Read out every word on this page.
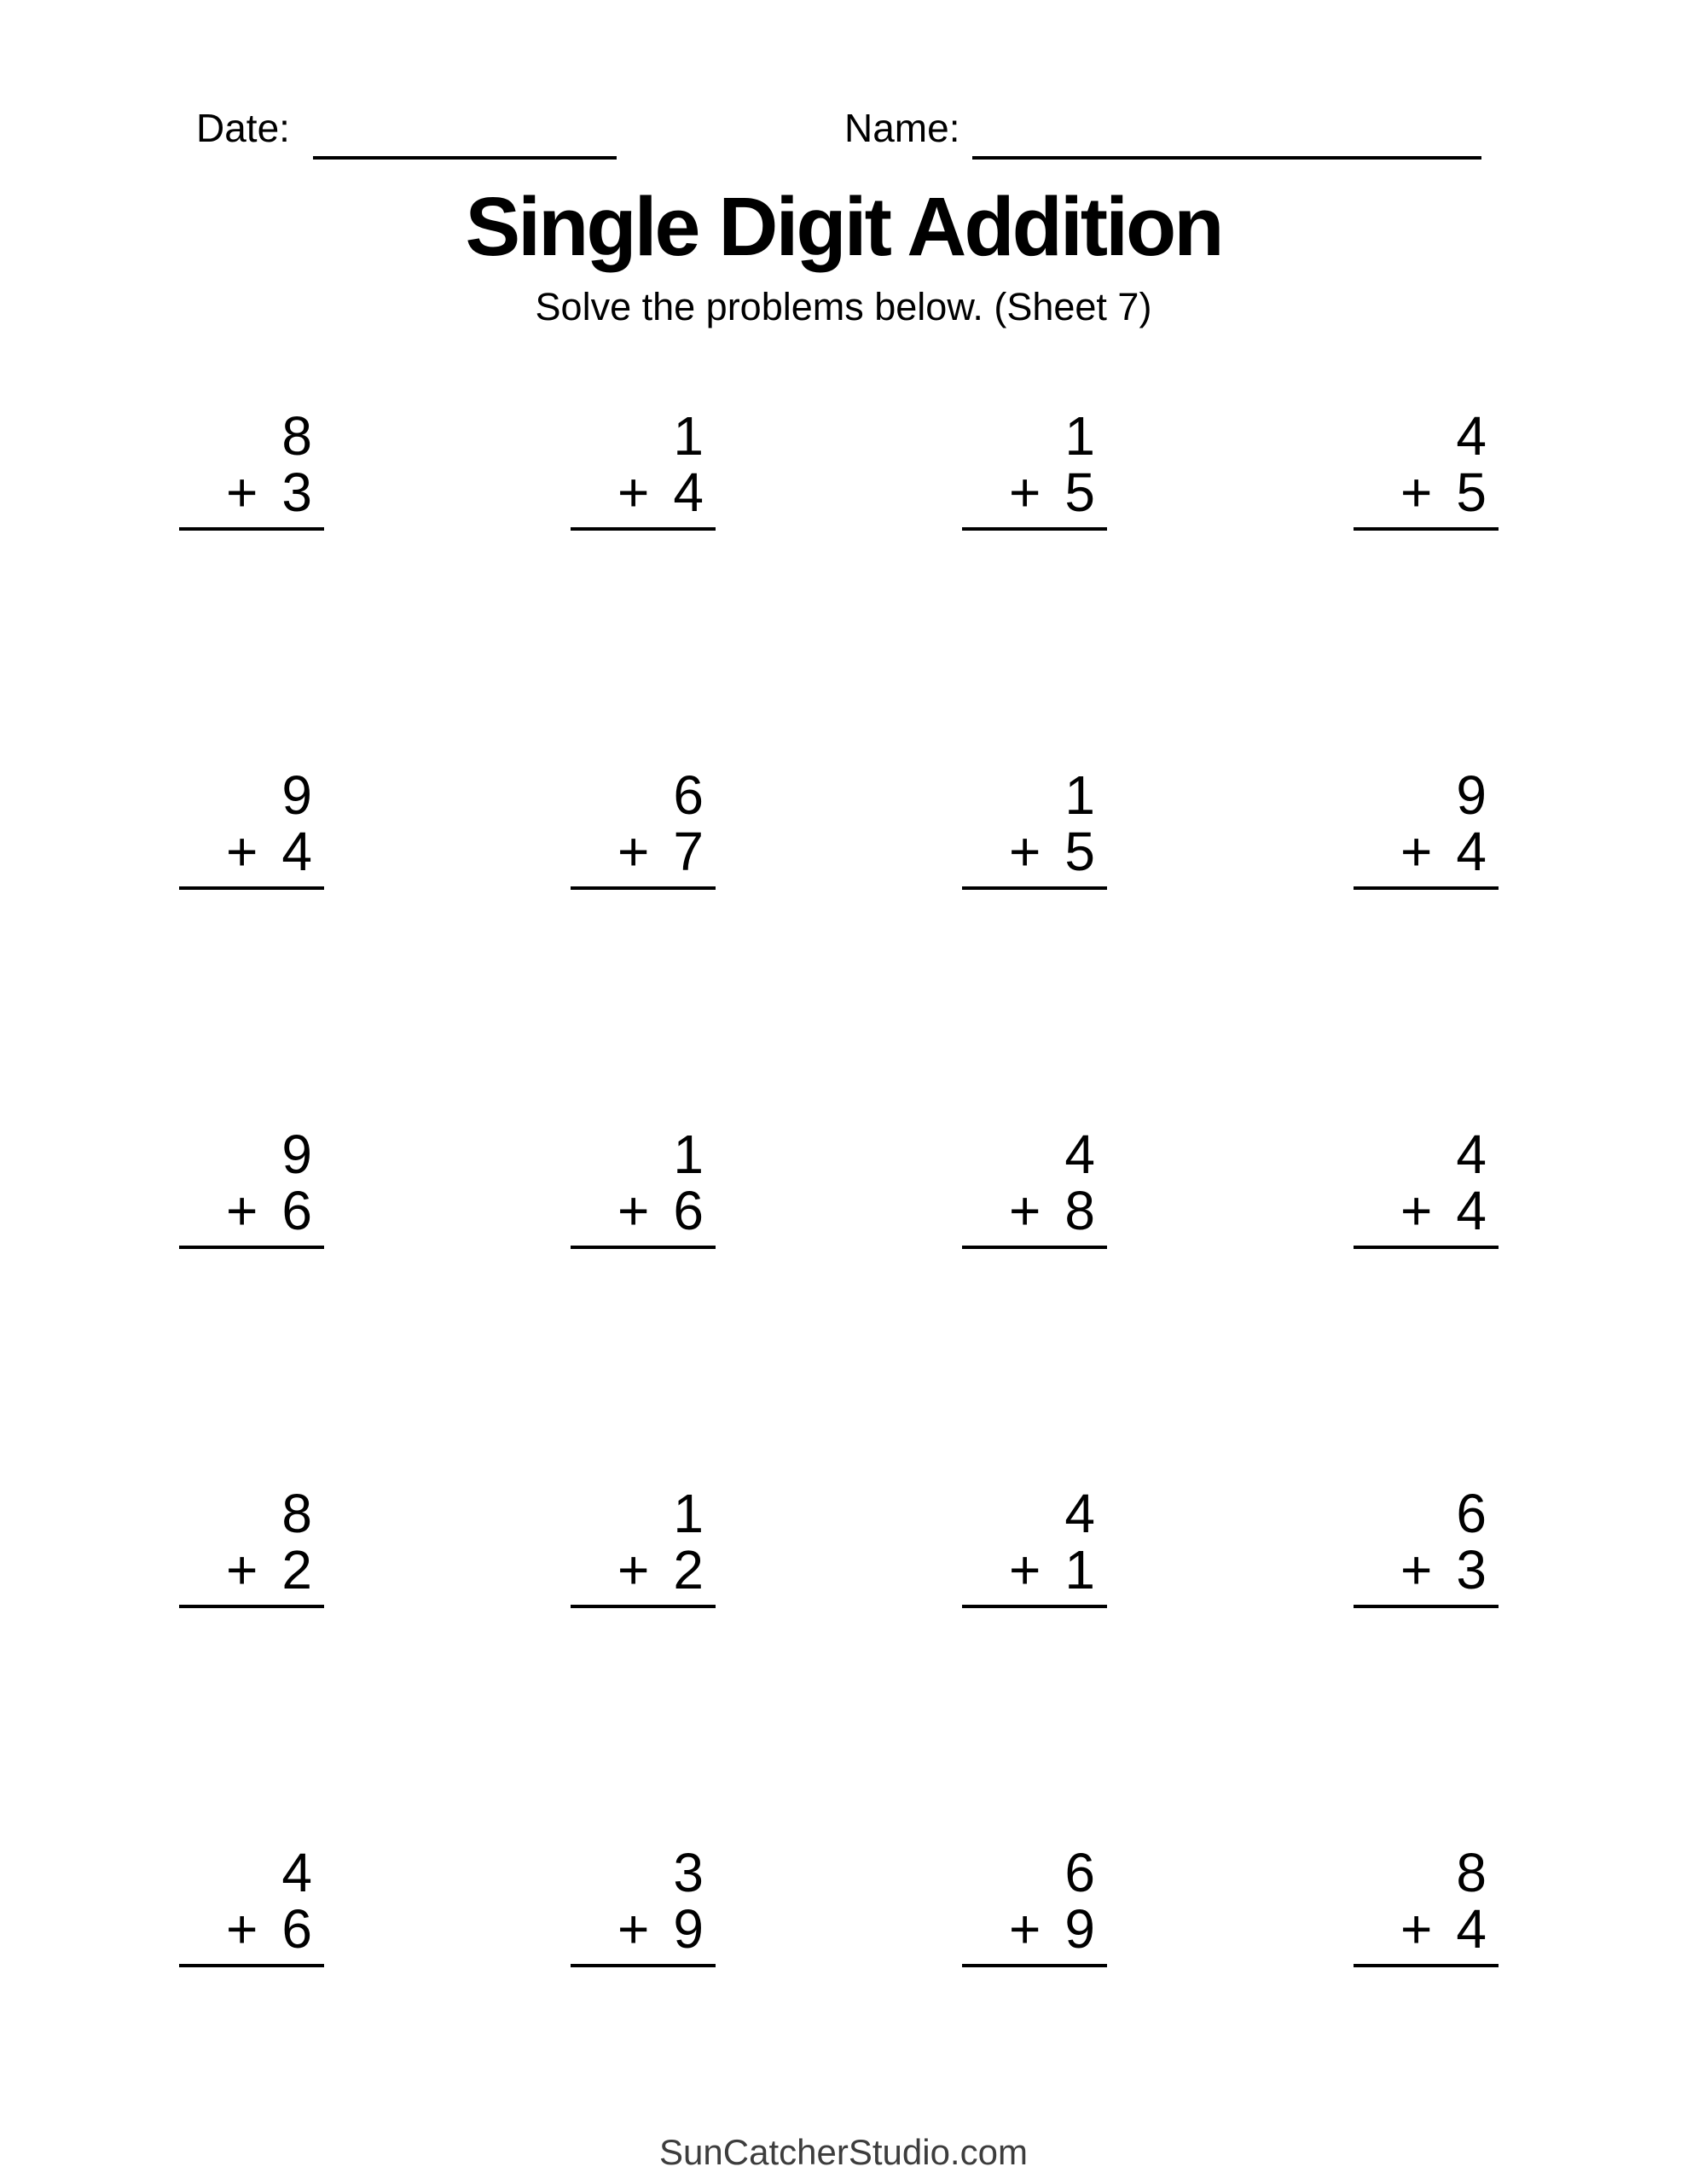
Date:	Name:
Single Digit Addition
Solve the problems below. (Sheet 7)
8
+ 3
1
+ 4
1
+ 5
4
+ 5
9
+ 4
6
+ 7
1
+ 5
9
+ 4
9
+ 6
1
+ 6
4
+ 8
4
+ 4
8
+ 2
1
+ 2
4
+ 1
6
+ 3
4
+ 6
3
+ 9
6
+ 9
8
+ 4
SunCatcherStudio.com
